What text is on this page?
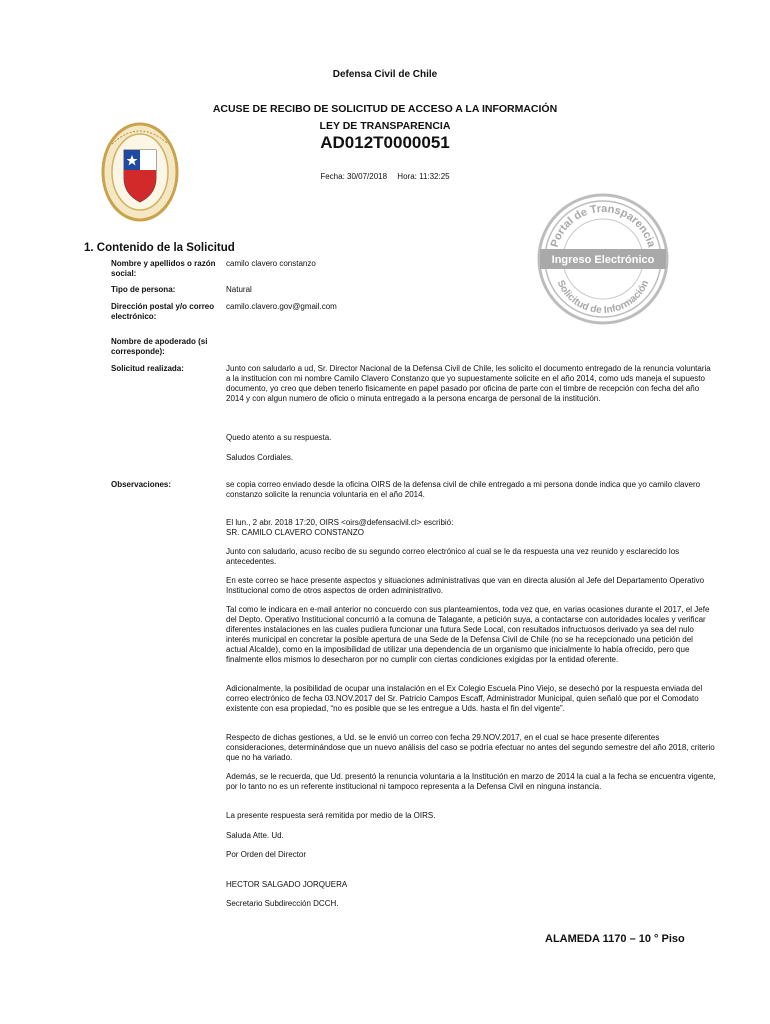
Defensa Civil de Chile
ACUSE DE RECIBO DE SOLICITUD DE ACCESO A LA INFORMACIÓN
LEY DE TRANSPARENCIA
AD012T0000051
Fecha: 30/07/2018 Hora: 11:32:25
Portal de Transparencia
Ingreso Electrónico
Solicitud de Información
1. Contenido de la Solicitud
Nombre y apellidos o razón social:
camilo clavero constanzo
Tipo de persona:	Natural
Dirección postal y/o correo electrónico:
camilo.clavero.gov@gmail.com
Nombre de apoderado (si corresponde):
Solicitud realizada:	Junto con saludarlo a ud, Sr. Director Nacional de la Defensa Civil de Chile, les solicito el documento entregado de la renuncia voluntaria a la institucion con mi nombre Camilo Clavero Constanzo que yo supuestamente solicite en el año 2014, como uds maneja el supuesto documento, yo creo que deben tenerlo fisicamente en papel pasado por oficina de parte con el timbre de recepción con fecha del año 2014 y con algun numero de oficio o minuta entregado a la persona encarga de personal de la institución.
Quedo atento a su respuesta.
Saludos Cordiales.
Observaciones:	se copia correo enviado desde la oficina OIRS de la defensa civil de chile entregado a mi persona donde indica que yo camilo clavero constanzo solicite la renuncia voluntaria en el año 2014.
El lun., 2 abr. 2018 17:20, OIRS <oirs@defensacivil.cl> escribió:
SR. CAMILO CLAVERO CONSTANZO
Junto con saludarlo, acuso recibo de su segundo correo electrónico al cual se le da respuesta una vez reunido y esclarecido los antecedentes.
En este correo se hace presente aspectos y situaciones administrativas que van en directa alusión al Jefe del Departamento Operativo Institucional como de otros aspectos de orden administrativo.
Tal como le indicara en e-mail anterior no concuerdo con sus planteamientos, toda vez que, en varias ocasiones durante el 2017, el Jefe del Depto. Operativo Institucional concurrió a la comuna de Talagante, a petición suya, a contactarse con autoridades locales y verificar diferentes instalaciones en las cuales pudiera funcionar una futura Sede Local, con resultados infructuosos derivado ya sea del nulo interés municipal en concretar la posible apertura de una Sede de la Defensa Civil de Chile (no se ha recepcionado una petición del actual Alcalde), como en la imposibilidad de utilizar una dependencia de un organismo que inicialmente lo había ofrecido, pero que finalmente ellos mismos lo desecharon por no cumplir con ciertas condiciones exigidas por la entidad oferente.
Adicionalmente, la posibilidad de ocupar una instalación en el Ex Colegio Escuela Pino Viejo, se desechó por la respuesta enviada del correo electrónico de fecha 03.NOV.2017 del Sr. Patricio Campos Escaff, Administrador Municipal, quien señaló que por el Comodato existente con esa propiedad, “no es posible que se les entregue a Uds. hasta el fin del vigente”.
Respecto de dichas gestiones, a Ud. se le envió un correo con fecha 29.NOV.2017, en el cual se hace presente diferentes consideraciones, determinándose que un nuevo análisis del caso se podría efectuar no antes del segundo semestre del año 2018, criterio que no ha variado.
Además, se le recuerda, que Ud. presentó la renuncia voluntaria a la Institución en marzo de 2014 la cual a la fecha se encuentra vigente, por lo tanto no es un referente institucional ni tampoco representa a la Defensa Civil en ninguna instancia.
La presente respuesta será remitida por medio de la OIRS.
Saluda Atte. Ud.
Por Orden del Director
HECTOR SALGADO JORQUERA
Secretario Subdirección DCCH.
ALAMEDA 1170 – 10 ° Piso
